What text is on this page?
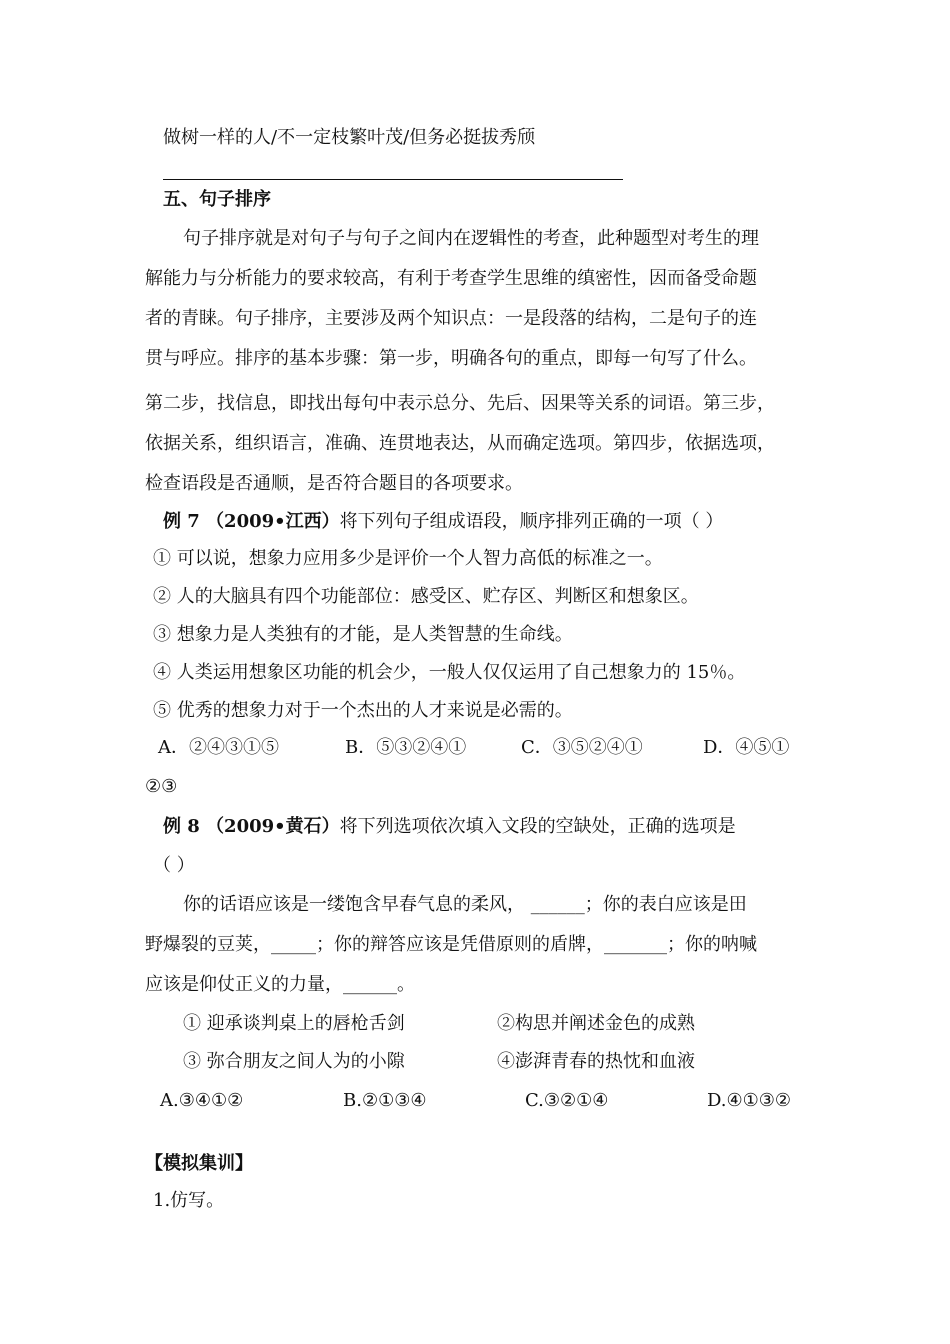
做树一样的人/不一定枝繁叶茂/但务必挺拔秀颀
五、句子排序
句子排序就是对句子与句子之间内在逻辑性的考查，此种题型对考生的理
解能力与分析能力的要求较高，有利于考查学生思维的缜密性，因而备受命题
者的青睐。句子排序，主要涉及两个知识点：一是段落的结构，二是句子的连
贯与呼应。排序的基本步骤：第一步，明确各句的重点，即每一句写了什么。
第二步，找信息，即找出每句中表示总分、先后、因果等关系的词语。第三步，
依据关系，组织语言，准确、连贯地表达，从而确定选项。第四步，依据选项，
检查语段是否通顺，是否符合题目的各项要求。
例 7 （2009•江西）将下列句子组成语段，顺序排列正确的一项（ ）
① 可以说，想象力应用多少是评价一个人智力高低的标准之一。
② 人的大脑具有四个功能部位：感受区、贮存区、判断区和想象区。
③ 想象力是人类独有的才能，是人类智慧的生命线。
④ 人类运用想象区功能的机会少，一般人仅仅运用了自己想象力的 15％。
⑤ 优秀的想象力对于一个杰出的人才来说是必需的。
A．②④③①⑤	B．⑤③②④①	C．③⑤②④①	D．④⑤①
②③
例 8 （2009•黄石）将下列选项依次填入文段的空缺处，正确的选项是
（ ）
你的话语应该是一缕饱含早春气息的柔风， ______；你的表白应该是田
野爆裂的豆荚，_____；你的辩答应该是凭借原则的盾牌，_______；你的呐喊
应该是仰仗正义的力量，______。
① 迎承谈判桌上的唇枪舌剑	②构思并阐述金色的成熟
③ 弥合朋友之间人为的小隙	④澎湃青春的热忱和血液
A.③④①②	B.②①③④	C.③②①④	D.④①③②
【模拟集训】
1.仿写。
